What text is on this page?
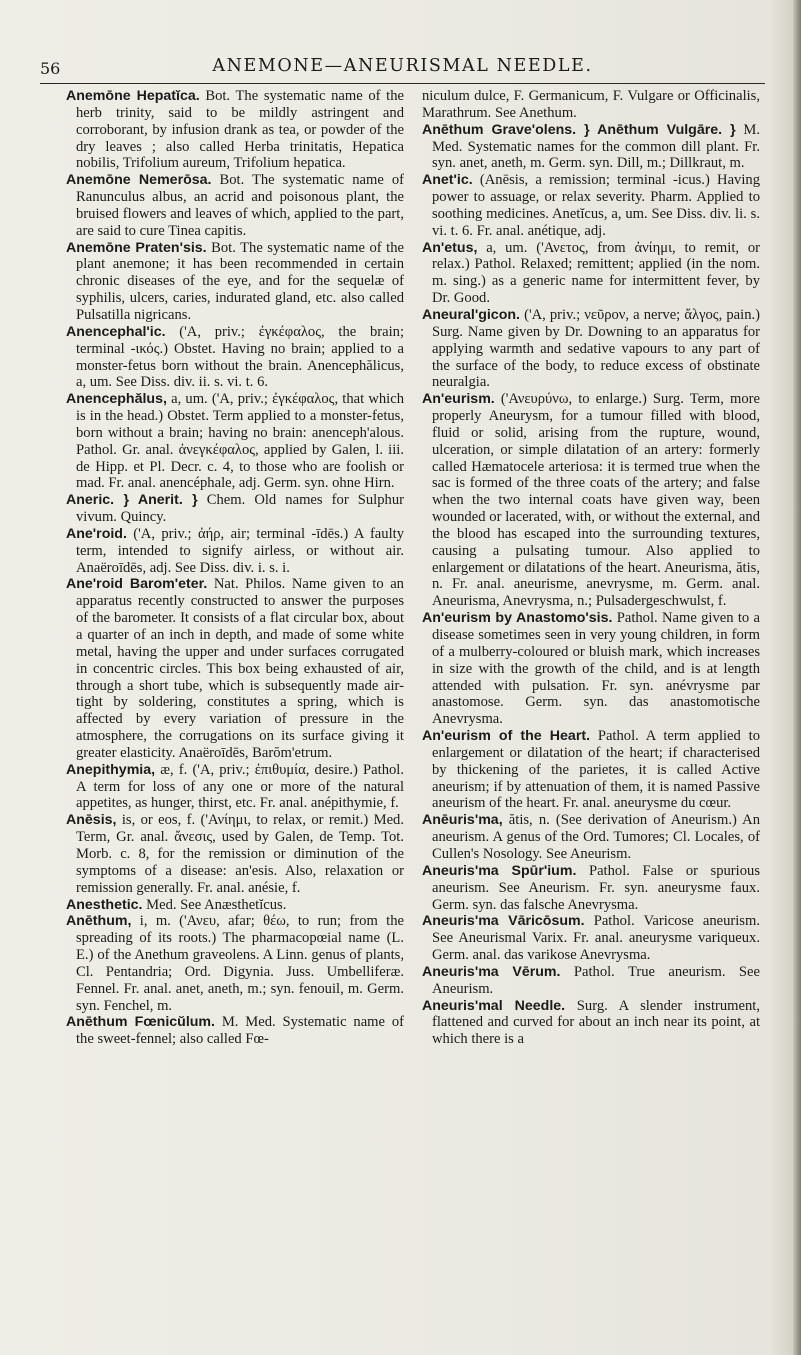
56	ANEMONE—ANEURISMAL NEEDLE.

Anemōne Hepatĭca. Bot. The systematic name of the herb trinity, said to be mildly astringent and corroborant, by infusion drank as tea, or powder of the dry leaves ; also called Herba trinitatis, Hepatica nobilis, Trifolium aureum, Trifolium hepatica.

Anemōne Nemerōsa. Bot. The systematic name of Ranunculus albus, an acrid and poisonous plant, the bruised flowers and leaves of which, applied to the part, are said to cure Tinea capitis.

Anemōne Praten'sis. Bot. The systematic name of the plant anemone; it has been recommended in certain chronic diseases of the eye, and for the sequelæ of syphilis, ulcers, caries, indurated gland, etc. also called Pulsatilla nigricans.

Anencephal'ic. ('A, priv.; ἐγκέφαλος, the brain; terminal -ικός.) Obstet. Having no brain; applied to a monster-fetus born without the brain. Anencephălicus, a, um. See Diss. div. ii. s. vi. t. 6.

Anencephălus, a, um. ('A, priv.; ἐγκέφαλος, that which is in the head.) Obstet. Term applied to a monster-fetus, born without a brain; having no brain: anenceph'alous. Pathol. Gr. anal. ἀνεγκέφαλος, applied by Galen, l. iii. de Hipp. et Pl. Decr. c. 4, to those who are foolish or mad. Fr. anal. anencéphale, adj. Germ. syn. ohne Hirn.

Aneric. } Anerit. } Chem. Old names for Sulphur vivum. Quincy.

Ane'roid. ('A, priv.; ἀήρ, air; terminal -īdēs.) A faulty term, intended to signify airless, or without air. Anaëroīdēs, adj. See Diss. div. i. s. i.

Ane'roid Barom'eter. Nat. Philos. Name given to an apparatus recently constructed to answer the purposes of the barometer. It consists of a flat circular box, about a quarter of an inch in depth, and made of some white metal, having the upper and under surfaces corrugated in concentric circles. This box being exhausted of air, through a short tube, which is subsequently made air-tight by soldering, constitutes a spring, which is affected by every variation of pressure in the atmosphere, the corrugations on its surface giving it greater elasticity. Anaëroīdēs, Barŏm'etrum.

Anepithymia, æ, f. ('A, priv.; ἐπιθυμία, desire.) Pathol. A term for loss of any one or more of the natural appetites, as hunger, thirst, etc. Fr. anal. anépithymie, f.

Anēsis, is, or eos, f. ('Ανίημι, to relax, or remit.) Med. Term, Gr. anal. ἄνεσις, used by Galen, de Temp. Tot. Morb. c. 8, for the remission or diminution of the symptoms of a disease: an'esis. Also, relaxation or remission generally. Fr. anal. anésie, f.

Anesthetic. Med. See Anæsthetĭcus.

Anēthum, i, m. ('Ανευ, afar; θέω, to run; from the spreading of its roots.) The pharmacopœial name (L. E.) of the Anethum graveolens. A Linn. genus of plants, Cl. Pentandria; Ord. Digynia. Juss. Umbelliferæ. Fennel. Fr. anal. anet, aneth, m.; syn. fenouil, m. Germ. syn. Fenchel, m.

Anēthum Fœnicŭlum. M. Med. Systematic name of the sweet-fennel; also called Fœ-

niculum dulce, F. Germanicum, F. Vulgare or Officinalis, Marathrum. See Anethum.

Anēthum Grave'olens. } Anēthum Vulgāre. } M. Med. Systematic names for the common dill plant. Fr. syn. anet, aneth, m. Germ. syn. Dill, m.; Dillkraut, m.

Anet'ic. (Anēsis, a remission; terminal -icus.) Having power to assuage, or relax severity. Pharm. Applied to soothing medicines. Anetĭcus, a, um. See Diss. div. li. s. vi. t. 6. Fr. anal. anétique, adj.

An'etus, a, um. ('Ανετος, from ἀνίημι, to remit, or relax.) Pathol. Relaxed; remittent; applied (in the nom. m. sing.) as a generic name for intermittent fever, by Dr. Good.

Aneural'gicon. ('A, priv.; νεῦρον, a nerve; ἄλγος, pain.) Surg. Name given by Dr. Downing to an apparatus for applying warmth and sedative vapours to any part of the surface of the body, to reduce excess of obstinate neuralgia.

An'eurism. ('Ανευρύνω, to enlarge.) Surg. Term, more properly Aneurysm, for a tumour filled with blood, fluid or solid, arising from the rupture, wound, ulceration, or simple dilatation of an artery: formerly called Hæmatocele arteriosa: it is termed true when the sac is formed of the three coats of the artery; and false when the two internal coats have given way, been wounded or lacerated, with, or without the external, and the blood has escaped into the surrounding textures, causing a pulsating tumour. Also applied to enlargement or dilatations of the heart. Aneurisma, ătis, n. Fr. anal. aneurisme, anevrysme, m. Germ. anal. Aneurisma, Anevrysma, n.; Pulsadergeschwulst, f.

An'eurism by Anastomo'sis. Pathol. Name given to a disease sometimes seen in very young children, in form of a mulberry-coloured or bluish mark, which increases in size with the growth of the child, and is at length attended with pulsation. Fr. syn. anévrysme par anastomose. Germ. syn. das anastomotische Anevrysma.

An'eurism of the Heart. Pathol. A term applied to enlargement or dilatation of the heart; if characterised by thickening of the parietes, it is called Active aneurism; if by attenuation of them, it is named Passive aneurism of the heart. Fr. anal. aneurysme du cœur.

Anēuris'ma, ătis, n. (See derivation of Aneurism.) An aneurism. A genus of the Ord. Tumores; Cl. Locales, of Cullen's Nosology. See Aneurism.

Aneuris'ma Spūr'ium. Pathol. False or spurious aneurism. See Aneurism. Fr. syn. aneurysme faux. Germ. syn. das falsche Anevrysma.

Aneuris'ma Vāricōsum. Pathol. Varicose aneurism. See Aneurismal Varix. Fr. anal. aneurysme variqueux. Germ. anal. das varikose Anevrysma.

Aneuris'ma Vērum. Pathol. True aneurism. See Aneurism.

Aneuris'mal Needle. Surg. A slender instrument, flattened and curved for about an inch near its point, at which there is a
